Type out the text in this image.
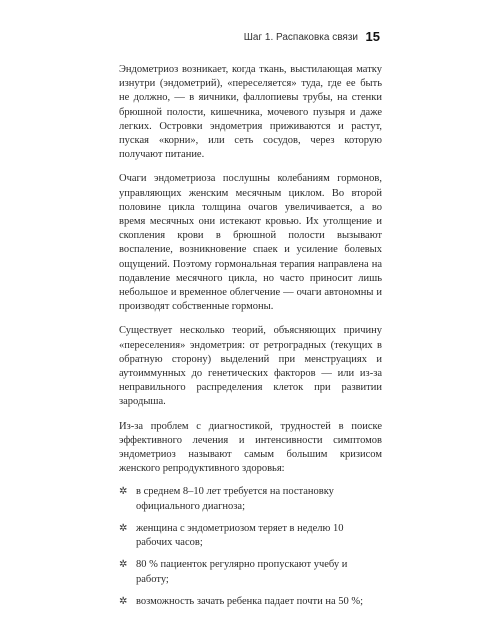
Шаг 1. Распаковка связи 15

Эндометриоз возникает, когда ткань, выстилающая матку изнутри (эндометрий), «переселяется» туда, где ее быть не должно, — в яичники, фаллопиевы трубы, на стенки брюшной полости, кишечника, мочевого пузыря и даже легких. Островки эндометрия приживаются и растут, пуская «корни», или сеть сосудов, через которую получают питание.

Очаги эндометриоза послушны колебаниям гормонов, управляющих женским месячным циклом. Во второй половине цикла толщина очагов увеличивается, а во время месячных они истекают кровью. Их утолщение и скопления крови в брюшной полости вызывают воспаление, возникновение спаек и усиление болевых ощущений. Поэтому гормональная терапия направлена на подавление месячного цикла, но часто приносит лишь небольшое и временное облегчение — очаги автономны и производят собственные гормоны.

Существует несколько теорий, объясняющих причину «переселения» эндометрия: от ретроградных (текущих в обратную сторону) выделений при менструациях и аутоиммунных до генетических факторов — или из-за неправильного распределения клеток при развитии зародыша.

Из-за проблем с диагностикой, трудностей в поиске эффективного лечения и интенсивности симптомов эндометриоз называют самым большим кризисом женского репродуктивного здоровья:

✲ в среднем 8–10 лет требуется на постановку официального диагноза;
✲ женщина с эндометриозом теряет в неделю 10 рабочих часов;
✲ 80 % пациенток регулярно пропускают учебу и работу;
✲ возможность зачать ребенка падает почти на 50 %;
